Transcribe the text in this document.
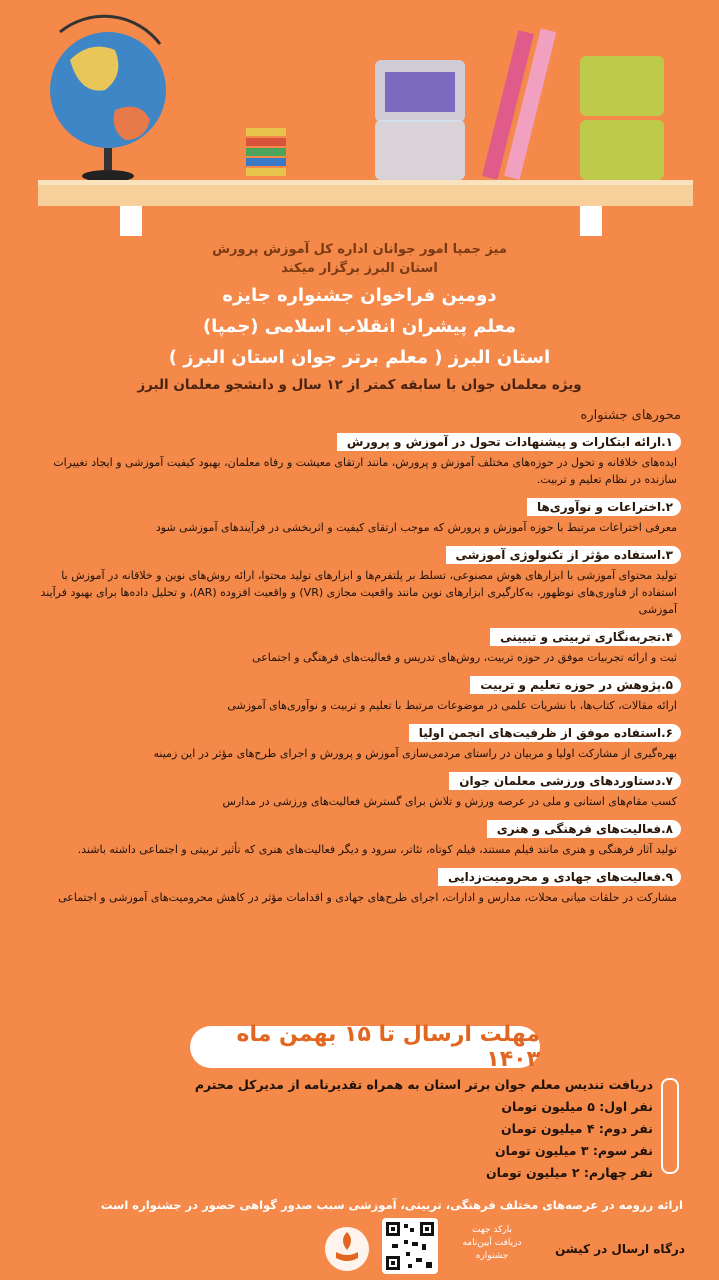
میز جمپا امور جوانان اداره کل آموزش پرورش
استان البرز برگزار میکند
دومین فراخوان جشنواره جایزه
معلم پیشران انقلاب اسلامی (جمپا)
استان البرز ( معلم برتر جوان استان البرز )
ویژه معلمان جوان با سابقه کمتر از ۱۲ سال و دانشجو معلمان البرز
محورهای جشنواره
۱.ارائه ابتکارات و پیشنهادات تحول در آموزش و پرورش
ایده‌های خلاقانه و تحول در حوزه‌های مختلف آموزش و پرورش، مانند ارتقای معیشت و رفاه معلمان، بهبود کیفیت آموزشی و ایجاد تغییرات سازنده در نظام تعلیم و تربیت.
۲.اختراعات و نوآوری‌ها
معرفی اختراعات مرتبط با حوزه آموزش و پرورش که موجب ارتقای کیفیت و اثربخشی در فرآیندهای آموزشی شود
۳.استفاده مؤثر از تکنولوژی آموزشی
تولید محتوای آموزشی با ابزارهای هوش مصنوعی، تسلط بر پلتفرم‌ها و ابزارهای تولید محتوا، ارائه روش‌های نوین و خلاقانه در آموزش با استفاده از فناوری‌های نوظهور، به‌کارگیری ابزارهای نوین مانند واقعیت مجازی (VR) و واقعیت افزوده (AR)، و تحلیل داده‌ها برای بهبود فرآیند آموزشی
۴.تجربه‌نگاری تربیتی و تبیینی
ثبت و ارائه تجربیات موفق در حوزه تربیت، روش‌های تدریس و فعالیت‌های فرهنگی و اجتماعی
۵.پژوهش در حوزه تعلیم و تربیت
ارائه مقالات، کتاب‌ها، با نشریات علمی در موضوعات مرتبط با تعلیم و تربیت و نوآوری‌های آموزشی
۶.استفاده موفق از ظرفیت‌های انجمن اولیا
بهره‌گیری از مشارکت اولیا و مربیان در راستای مردمی‌سازی آموزش و پرورش و اجرای طرح‌های مؤثر در این زمینه
۷.دستاوردهای ورزشی معلمان جوان
کسب مقام‌های استانی و ملی در عرصه ورزش و تلاش برای گسترش فعالیت‌های ورزشی در مدارس
۸.فعالیت‌های فرهنگی و هنری
تولید آثار فرهنگی و هنری مانند فیلم مستند، فیلم کوتاه، تئاتر، سرود و دیگر فعالیت‌های هنری که تأثیر تربیتی و اجتماعی داشته باشند.
۹.فعالیت‌های جهادی و محرومیت‌زدایی
مشارکت در حلقات میانی محلات، مدارس و ادارات، اجرای طرح‌های جهادی و اقدامات مؤثر در کاهش محرومیت‌های آموزشی و اجتماعی
مهلت ارسال تا ۱۵ بهمن ماه ۱۴۰۳
دریافت تندیس معلم جوان برتر استان به همراه تقدیرنامه از مدیرکل محترم
نفر اول: ۵ میلیون تومان
نفر دوم: ۴ میلیون تومان
نفر سوم: ۳ میلیون تومان
نفر چهارم: ۲ میلیون تومان
ارائه رزومه در عرصه‌های مختلف فرهنگی، تربیتی، آموزشی سبب صدور گواهی حضور در جشنواره است
بارکد جهت دریافت آیین‌نامه جشنواره	درگاه ارسال در کیشن
